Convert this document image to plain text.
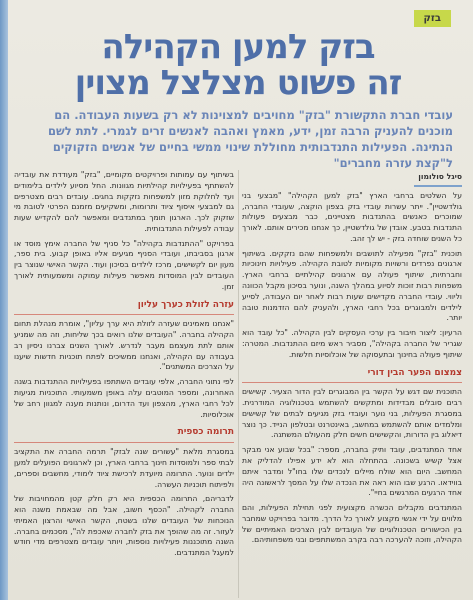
בזק
בזק למען הקהילה
זה פשוט מצלצל מצוין

עובדי חברת התקשורת "בזק" מחויבים למצוינות לא רק בשעות העבודה. הם מוכנים להעניק הרבה זמן, ידע, מאמץ ואהבה לאנשים זרים לגמרי. לתת לשם הנתינה. הפעילות התנדבותית מחוללת שינוי ממשי בחיים של אנשים הזקוקים ל"קצת עזרה מחברים"

סיגל סולומון

על השלטים ברחבי הארץ "בזק למען הקהילה" "מבצעי בני גולדשטיין". ייתר עשרות עובדי בזק בצפון הוקצה, שעובדי החברה, שמוכרים כאנשים בהתנדבות מצטיינים, כבר מבצעים פעולות התנדבות בטבע. אובדן של גולדשטיין, כך אנחנו מכירים אותם. לאורך כל השנים שוחדה בזק - יש לך זהב.

תוכנית "בזק" מפעילה לתושבים ולמשפחות שהם נזקקים. בשיתוף ארגונים נפרדים ורשויות מקומיות לטובת הקהילה. פעילויות חינוכיות וחברתיות, שיתוף פעולה עם ארגונים קהילתיים ברחבי הארץ. משפחות רבות זוכות לסיוע במהלך השנה, ונוער בסיכון מקבל הכוונה וליווי. עובדי החברה מקדישים שעות רבות לאחר יום העבודה, לסייע לילדים ולמבוגרים בכל רחבי הארץ, ולהעניק להם הזדמנות טובה יותר.

הרעיון: ליצור חיבור בין ערכי העסקים לבין הקהילה. "כל עובד הוא שגריר של החברה בקהילה", מסביר ראש מיזם ההתנדבות. המטרה: שיתוף פעולה בחינוך ובתעסוקה של אוכלוסיות חלשות.

צמצום הפער הבין דורי

התוכנית שם דגש על הקשר בין המבוגרים לבין הדור הצעיר. קשישים רבים סובלים מבדידות ומתקשים להשתמש בטכנולוגיה המודרנית. במסגרת הפעילות, בני נוער ועובדי בזק מגיעים לבתים של קשישים ומלמדים אותם להשתמש במחשב, באינטרנט ובטלפון הנייד. כך נוצר דיאלוג בין הדורות, והקשישים חשים חלק מהעולם המשתנה.

אחד המתנדבים, עובד ותיק בחברה, מספר: "בכל שבוע אני מבקר אצל קשיש בשכונה. בהתחלה הוא לא ידע אפילו להדליק את המחשב. היום הוא שולח מיילים לנכדים שלו בחו"ל ומדבר איתם בווידאו. הרגע שבו הוא ראה את הנכדה שלו על המסך לראשונה היה אחד הרגעים המרגשים בחיי".

המתנדבים מקבלים הכשרה מקצועית לפני תחילת הפעילות, והם מלווים על ידי אנשי מקצוע לאורך כל הדרך. מדובר בפרויקט שמחבר בין הכישורים הטכנולוגיים של העובדים לבין הצרכים האמיתיים של הקהילה, וזוכה להערכה רבה בקרב המשתתפים ובני משפחותיהם.

בשיתוף עם עמותות ופרויקטים מקומיים, "בזק" מעודדת את עובדיה להשתתף בפעילויות קהילתיות מגוונות. החל מסיוע לילדים בלימודים ועד לחלוקת מזון למשפחות נזקקות בחגים. עובדים רבים מצטרפים גם למבצעי איסוף ציוד ותרומות, ומשקיעים מזמנם הפרטי לטובת מי שזקוק לכך. הארגון תומך במתנדבים ומאפשר להם להקדיש שעות עבודה לפעילות התנדבותית.

בפרויקט "ההתנדבות בקהילה" כל סניף של החברה אימץ מוסד או ארגון בסביבתו, ועובדי הסניף מגיעים אליו באופן קבוע. בית ספר, מעון יום לקשישים, מרכז לילדים בסיכון ועוד. הקשר האישי שנוצר בין העובדים לבין המוסדות מאפשר פעילות עמוקה ומשמעותית לאורך זמן.

עזרה לזולת כערך עליון

"אנחנו מאמינים שעזרה לזולת היא ערך עליון", אומרת מנהלת תחום הקהילה בחברה. "העובדים שלנו רואים בכך שליחות, וזה מה שמניע אותם לתת מעצמם מעבר לנדרש. לאורך השנים צברנו ניסיון רב בעבודה עם הקהילה, ואנחנו ממשיכים לפתח תוכניות חדשות שיענו על הצרכים המשתנים".

לפי נתוני החברה, אלפי עובדים השתתפו בפעילויות ההתנדבות בשנה האחרונה, ומספר המוטבים עלה באופן משמעותי. התוכניות מגיעות לכל רחבי הארץ, מהצפון ועד הדרום, ונותנות מענה למגוון רחב של אוכלוסיות.

תרומה כספית

במסגרת מלאת "עשורים שנה לבזק" תרמה החברה את התקציב לבתי ספר ולמוסדות חינוך ברחבי הארץ, וכן לארגונים הפועלים למען ילדים ונוער. התרומה מיועדת לרכישת ציוד לימודי, מחשבים וספרים, ולפיתוח תוכניות העשרה.

לדבריהם, התרומה הכספית היא רק חלק קטן מהמחויבות של החברה לקהילה. "הכסף חשוב, אבל מה שבאמת משנה הוא הנוכחות של העובדים שלנו בשטח, הקשר האישי והרצון האמיתי לעזור. זה מה שהופך את בזק לחברה שאכפת לה", מסכמים בחברה. השנה מתוכננות פעילויות נוספות, ויותר עובדים מצטרפים מדי חודש למעגל המתנדבים.
